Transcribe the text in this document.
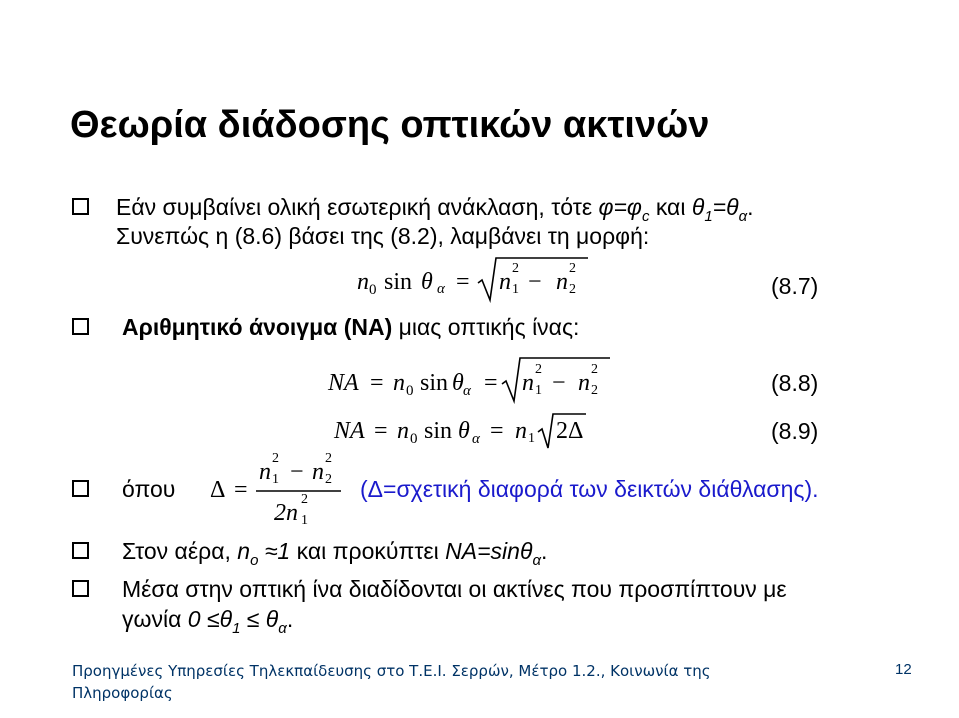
Θεωρία διάδοσης οπτικών ακτινών
Εάν συμβαίνει ολική εσωτερική ανάκλαση, τότε $\varphi=\varphi_c$ και $\theta_1=\theta_\alpha$.
Συνεπώς η (8.6) βάσει της (8.2), λαμβάνει τη μορφή:
n 0 sin θ α = n
2
1 − n
2
2	(8.7)
Αριθμητικό άνοιγμα (NA) μιας οπτικής ίνας:
NA = n 0 sin θ α = n
2
1 − n
2
2	(8.8)
NA = n 0 sin θ α = n 1 2Δ	(8.9)
όπου Δ =
n
2
1 − n
2
2
2n
2
1
(Δ=σχετική διαφορά των δεικτών διάθλασης).
Στον αέρα, $n_o \approx 1$ και προκύπτει NA=sinθ$_\alpha$.
Μέσα στην οπτική ίνα διαδίδονται οι ακτίνες που προσπίπτουν με
γωνία $0 \le\theta_1 \le \theta_\alpha$.
Προηγμένες Υπηρεσίες Τηλεκπαίδευσης στο Τ.Ε.Ι. Σερρών, Μέτρο 1.2., Κοινωνία της Πληροφορίας
12
